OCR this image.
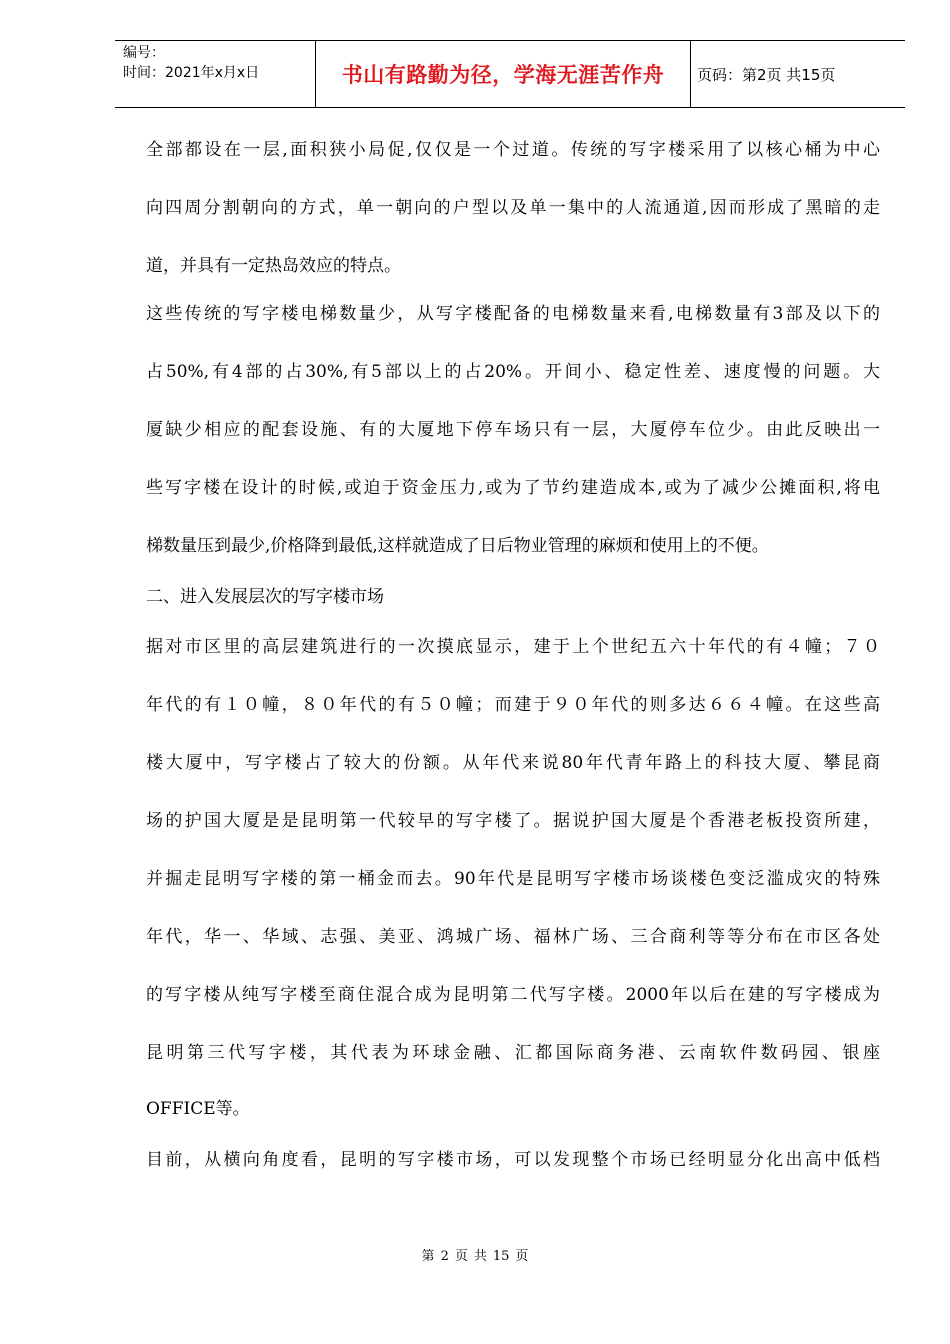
编号：
时间：2021年x月x日	书山有路勤为径，学海无涯苦作舟	页码：第2页 共15页
全部都设在一层,面积狭小局促,仅仅是一个过道。传统的写字楼采用了以核心桶为中心
向四周分割朝向的方式，单一朝向的户型以及单一集中的人流通道,因而形成了黑暗的走
道，并具有一定热岛效应的特点。
这些传统的写字楼电梯数量少，从写字楼配备的电梯数量来看,电梯数量有3部及以下的
占50%,有4部的占30%,有5部以上的占20%。开间小、稳定性差、速度慢的问题。大
厦缺少相应的配套设施、有的大厦地下停车场只有一层，大厦停车位少。由此反映出一
些写字楼在设计的时候,或迫于资金压力,或为了节约建造成本,或为了减少公摊面积,将电
梯数量压到最少,价格降到最低,这样就造成了日后物业管理的麻烦和使用上的不便。
二、进入发展层次的写字楼市场
据对市区里的高层建筑进行的一次摸底显示，建于上个世纪五六十年代的有４幢；７０
年代的有１０幢，８０年代的有５０幢；而建于９０年代的则多达６６４幢。在这些高
楼大厦中，写字楼占了较大的份额。从年代来说80年代青年路上的科技大厦、攀昆商
场的护国大厦是是昆明第一代较早的写字楼了。据说护国大厦是个香港老板投资所建，
并掘走昆明写字楼的第一桶金而去。90年代是昆明写字楼市场谈楼色变泛滥成灾的特殊
年代，华一、华域、志强、美亚、鸿城广场、福林广场、三合商利等等分布在市区各处
的写字楼从纯写字楼至商住混合成为昆明第二代写字楼。2000年以后在建的写字楼成为
昆明第三代写字楼，其代表为环球金融、汇都国际商务港、云南软件数码园、银座
OFFICE等。
目前，从横向角度看，昆明的写字楼市场，可以发现整个市场已经明显分化出高中低档
第 2 页 共 15 页
